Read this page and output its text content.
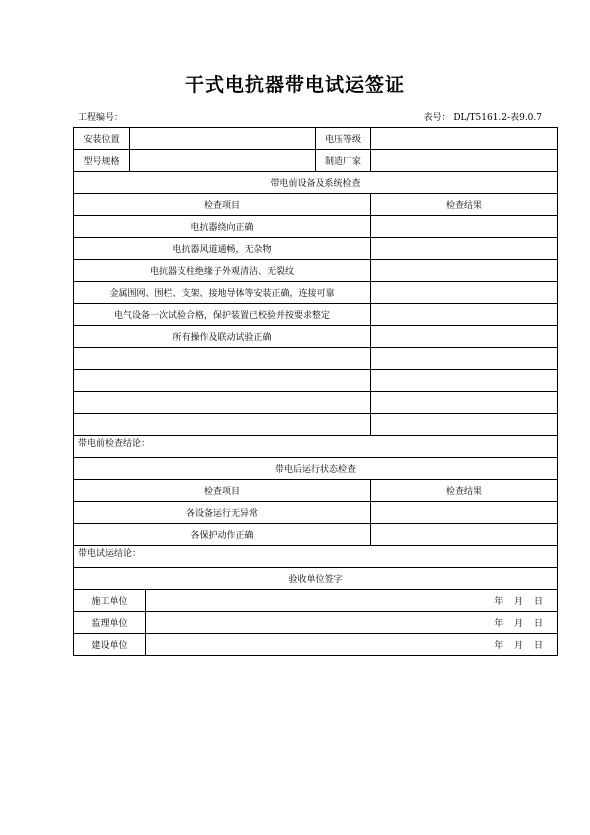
干式电抗器带电试运签证
工程编号：	表号： DL/T5161.2-表9.0.7
安装位置			电压等级	
型号规格			制造厂家	
带电前设备及系统检查				
检查项目				检查结果
电抗器绕向正确				
电抗器风道通畅，无杂物				
电抗器支柱绝缘子外观清洁、无裂纹				
金属围网、围栏、支架、接地导体等安装正确，连接可靠				
电气设备一次试验合格，保护装置已校验并按要求整定				
所有操作及联动试验正确				

带电前检查结论：				
带电后运行状态检查				
检查项目				检查结果
各设备运行无异常				
各保护动作正确				
带电试运结论：				
验收单位签字				
施工单位		年 月 日		

监理单位		年 月 日		

建设单位		年 月 日		
